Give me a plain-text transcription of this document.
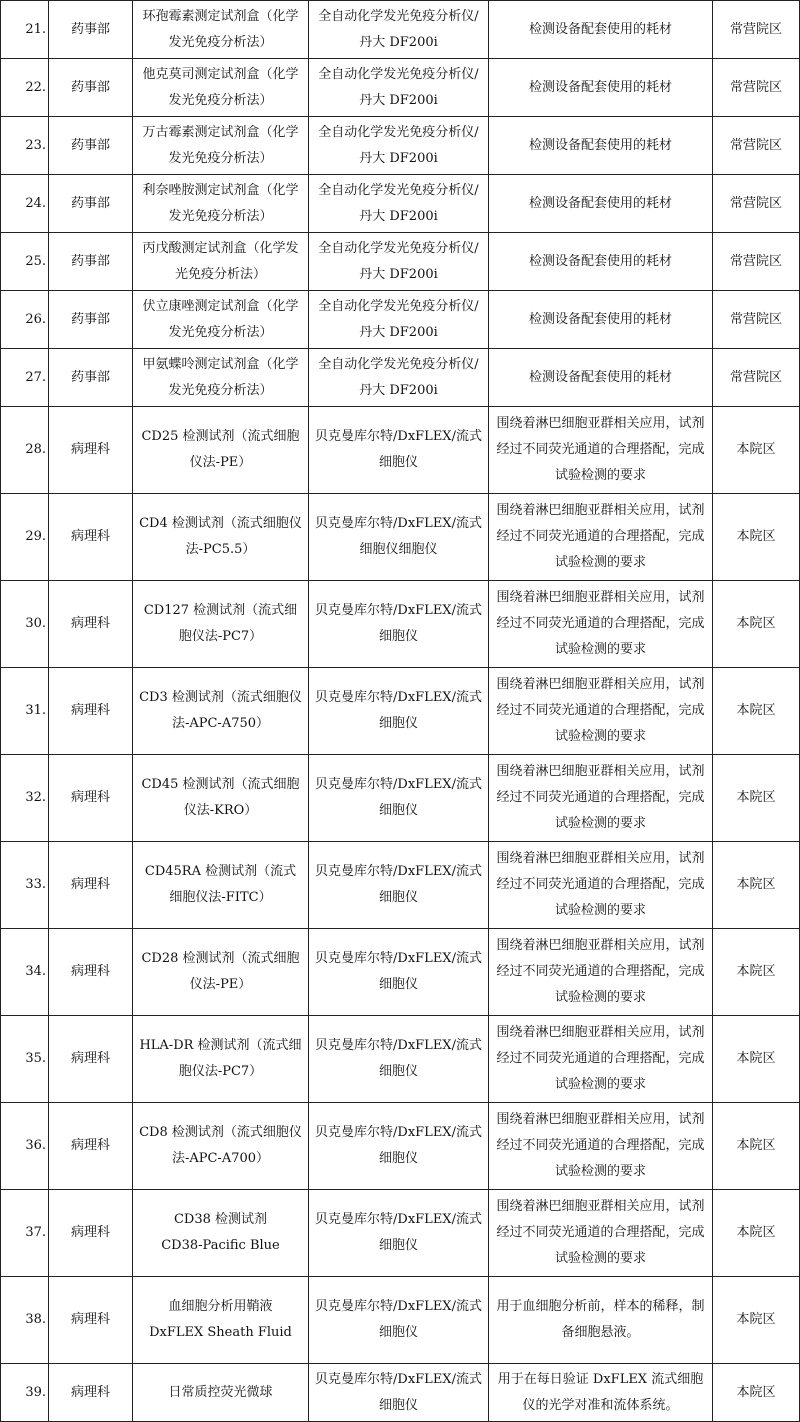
21.	药事部	环孢霉素测定试剂盒（化学发光免疫分析法）	全自动化学发光免疫分析仪/丹大 DF200i	检测设备配套使用的耗材	常营院区

22.	药事部	他克莫司测定试剂盒（化学发光免疫分析法）	全自动化学发光免疫分析仪/丹大 DF200i	检测设备配套使用的耗材	常营院区

23.	药事部	万古霉素测定试剂盒（化学发光免疫分析法）	全自动化学发光免疫分析仪/丹大 DF200i	检测设备配套使用的耗材	常营院区

24.	药事部	利奈唑胺测定试剂盒（化学发光免疫分析法）	全自动化学发光免疫分析仪/丹大 DF200i	检测设备配套使用的耗材	常营院区

25.	药事部	丙戊酸测定试剂盒（化学发光免疫分析法）	全自动化学发光免疫分析仪/丹大 DF200i	检测设备配套使用的耗材	常营院区

26.	药事部	伏立康唑测定试剂盒（化学发光免疫分析法）	全自动化学发光免疫分析仪/丹大 DF200i	检测设备配套使用的耗材	常营院区

27.	药事部	甲氨蝶呤测定试剂盒（化学发光免疫分析法）	全自动化学发光免疫分析仪/丹大 DF200i	检测设备配套使用的耗材	常营院区

28.	病理科	CD25 检测试剂（流式细胞仪法-PE）	贝克曼库尔特/DxFLEX/流式细胞仪	围绕着淋巴细胞亚群相关应用，试剂经过不同荧光通道的合理搭配，完成试验检测的要求	本院区

29.	病理科	CD4 检测试剂（流式细胞仪法-PC5.5）	贝克曼库尔特/DxFLEX/流式细胞仪细胞仪	围绕着淋巴细胞亚群相关应用，试剂经过不同荧光通道的合理搭配，完成试验检测的要求	本院区

30.	病理科	CD127 检测试剂（流式细胞仪法-PC7）	贝克曼库尔特/DxFLEX/流式细胞仪	围绕着淋巴细胞亚群相关应用，试剂经过不同荧光通道的合理搭配，完成试验检测的要求	本院区

31.	病理科	CD3 检测试剂（流式细胞仪法-APC-A750）	贝克曼库尔特/DxFLEX/流式细胞仪	围绕着淋巴细胞亚群相关应用，试剂经过不同荧光通道的合理搭配，完成试验检测的要求	本院区

32.	病理科	CD45 检测试剂（流式细胞仪法-KRO）	贝克曼库尔特/DxFLEX/流式细胞仪	围绕着淋巴细胞亚群相关应用，试剂经过不同荧光通道的合理搭配，完成试验检测的要求	本院区

33.	病理科	CD45RA 检测试剂（流式细胞仪法-FITC）	贝克曼库尔特/DxFLEX/流式细胞仪	围绕着淋巴细胞亚群相关应用，试剂经过不同荧光通道的合理搭配，完成试验检测的要求	本院区

34.	病理科	CD28 检测试剂（流式细胞仪法-PE）	贝克曼库尔特/DxFLEX/流式细胞仪	围绕着淋巴细胞亚群相关应用，试剂经过不同荧光通道的合理搭配，完成试验检测的要求	本院区

35.	病理科	HLA-DR 检测试剂（流式细胞仪法-PC7）	贝克曼库尔特/DxFLEX/流式细胞仪	围绕着淋巴细胞亚群相关应用，试剂经过不同荧光通道的合理搭配，完成试验检测的要求	本院区

36.	病理科	CD8 检测试剂（流式细胞仪法-APC-A700）	贝克曼库尔特/DxFLEX/流式细胞仪	围绕着淋巴细胞亚群相关应用，试剂经过不同荧光通道的合理搭配，完成试验检测的要求	本院区

37.	病理科	CD38 检测试剂
CD38-Pacific Blue	贝克曼库尔特/DxFLEX/流式细胞仪	围绕着淋巴细胞亚群相关应用，试剂经过不同荧光通道的合理搭配，完成试验检测的要求	本院区

38.	病理科	血细胞分析用鞘液
DxFLEX Sheath Fluid	贝克曼库尔特/DxFLEX/流式细胞仪	用于血细胞分析前，样本的稀释，制备细胞悬液。	本院区

39.	病理科	日常质控荧光微球	贝克曼库尔特/DxFLEX/流式细胞仪	用于在每日验证 DxFLEX 流式细胞仪的光学对准和流体系统。	本院区
